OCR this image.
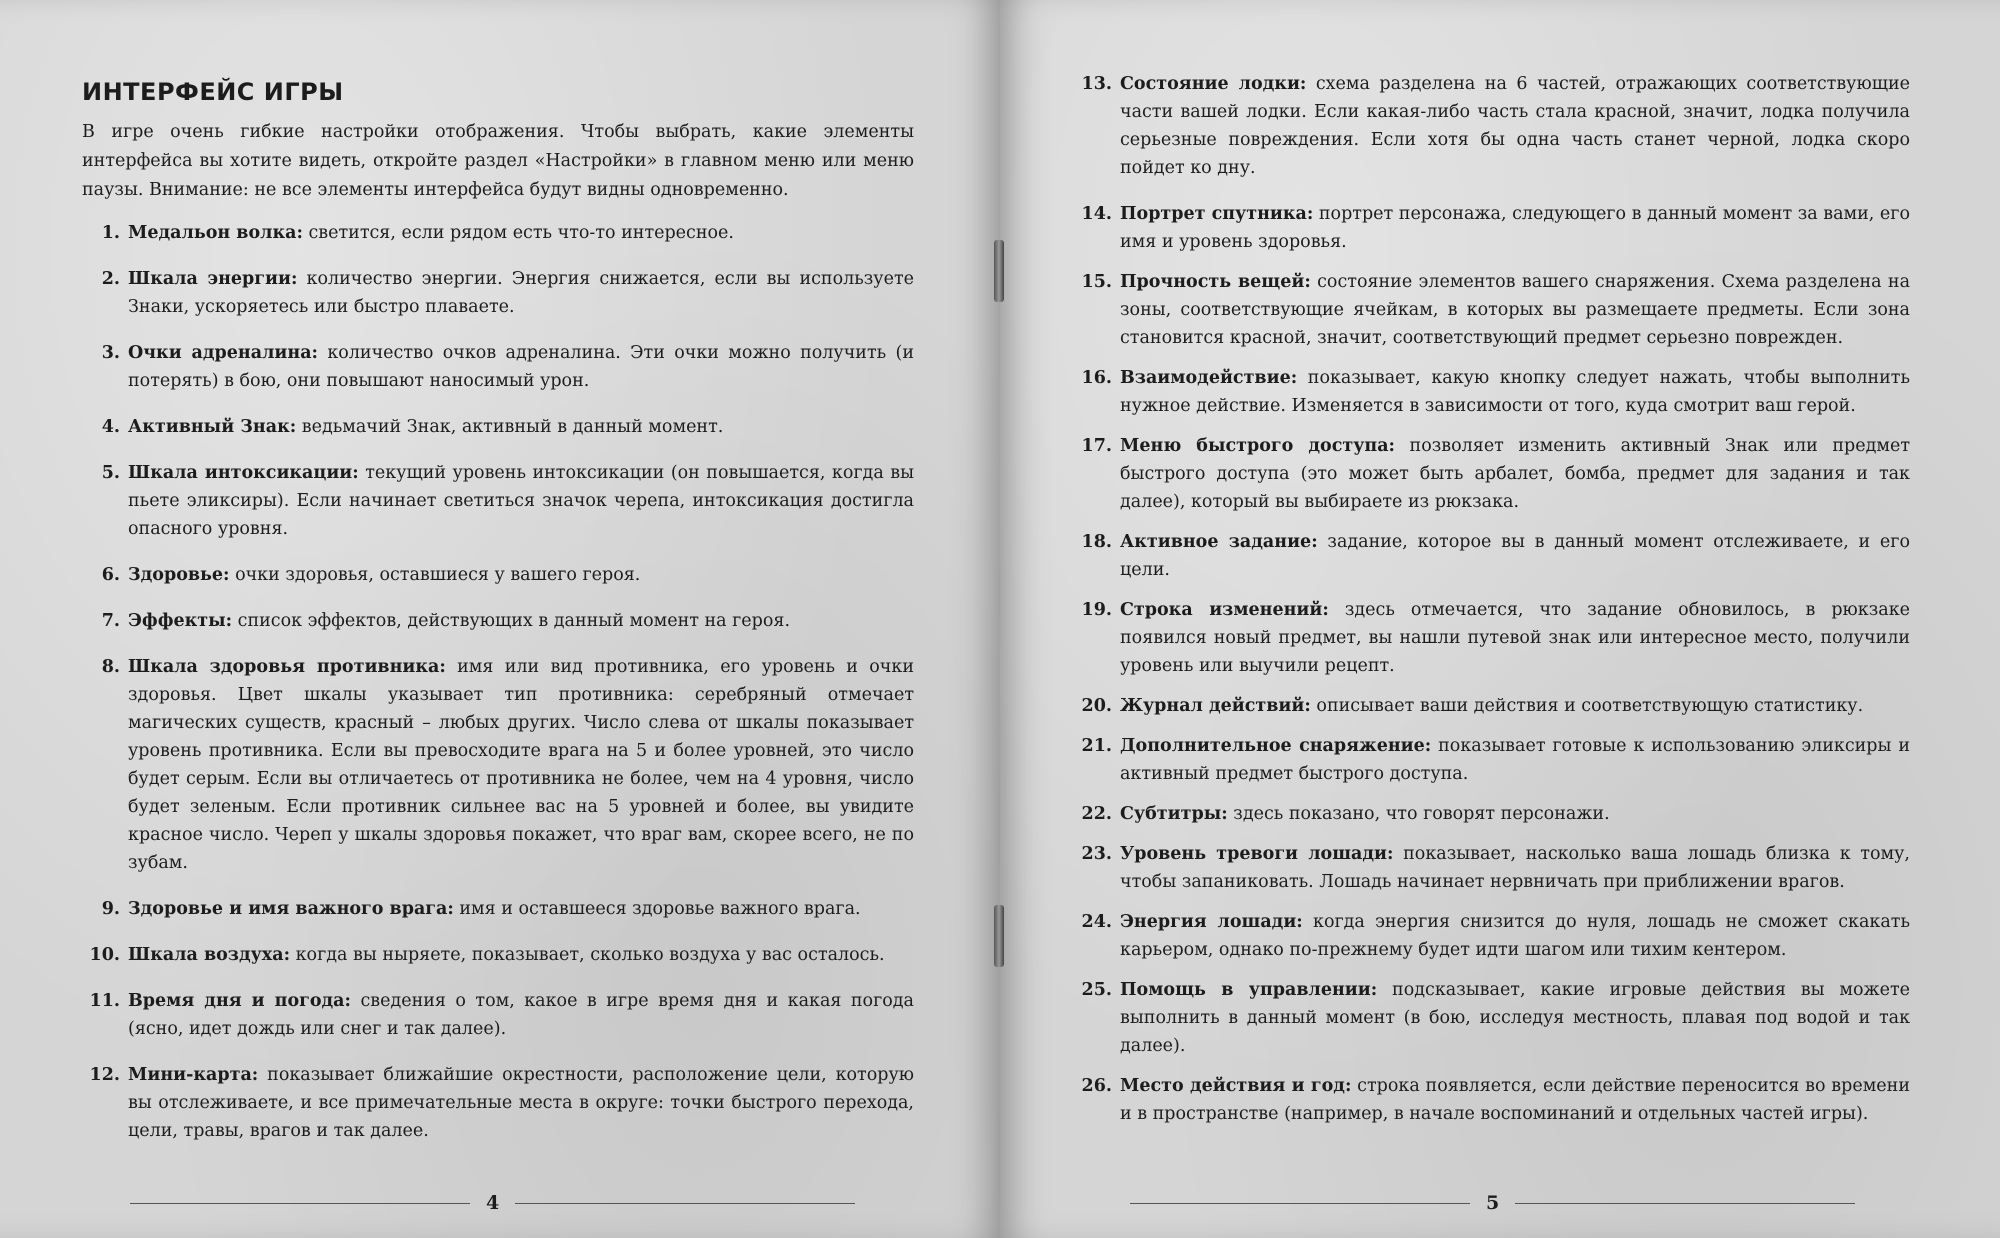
ИНТЕРФЕЙС ИГРЫ

В игре очень гибкие настройки отображения. Чтобы выбрать, какие элементы интерфейса вы хотите видеть, откройте раздел «Настройки» в главном меню или меню паузы. Внимание: не все элементы интерфейса будут видны одновременно.

1. Медальон волка: светится, если рядом есть что-то интересное.
2. Шкала энергии: количество энергии. Энергия снижается, если вы используете Знаки, ускоряетесь или быстро плаваете.
3. Очки адреналина: количество очков адреналина. Эти очки можно получить (и потерять) в бою, они повышают наносимый урон.
4. Активный Знак: ведьмачий Знак, активный в данный момент.
5. Шкала интоксикации: текущий уровень интоксикации (он повышается, когда вы пьете эликсиры). Если начинает светиться значок черепа, интоксикация достигла опасного уровня.
6. Здоровье: очки здоровья, оставшиеся у вашего героя.
7. Эффекты: список эффектов, действующих в данный момент на героя.
8. Шкала здоровья противника: имя или вид противника, его уровень и очки здоровья. Цвет шкалы указывает тип противника: серебряный отмечает магических существ, красный – любых других. Число слева от шкалы показывает уровень противника. Если вы превосходите врага на 5 и более уровней, это число будет серым. Если вы отличаетесь от противника не более, чем на 4 уровня, число будет зеленым. Если противник сильнее вас на 5 уровней и более, вы увидите красное число. Череп у шкалы здоровья покажет, что враг вам, скорее всего, не по зубам.
9. Здоровье и имя важного врага: имя и оставшееся здоровье важного врага.
10. Шкала воздуха: когда вы ныряете, показывает, сколько воздуха у вас осталось.
11. Время дня и погода: сведения о том, какое в игре время дня и какая погода (ясно, идет дождь или снег и так далее).
12. Мини-карта: показывает ближайшие окрестности, расположение цели, которую вы отслеживаете, и все примечательные места в округе: точки быстрого перехода, цели, травы, врагов и так далее.
4
13. Состояние лодки: схема разделена на 6 частей, отражающих соответствующие части вашей лодки. Если какая-либо часть стала красной, значит, лодка получила серьезные повреждения. Если хотя бы одна часть станет черной, лодка скоро пойдет ко дну.
14. Портрет спутника: портрет персонажа, следующего в данный момент за вами, его имя и уровень здоровья.
15. Прочность вещей: состояние элементов вашего снаряжения. Схема разделена на зоны, соответствующие ячейкам, в которых вы размещаете предметы. Если зона становится красной, значит, соответствующий предмет серьезно поврежден.
16. Взаимодействие: показывает, какую кнопку следует нажать, чтобы выполнить нужное действие. Изменяется в зависимости от того, куда смотрит ваш герой.
17. Меню быстрого доступа: позволяет изменить активный Знак или предмет быстрого доступа (это может быть арбалет, бомба, предмет для задания и так далее), который вы выбираете из рюкзака.
18. Активное задание: задание, которое вы в данный момент отслеживаете, и его цели.
19. Строка изменений: здесь отмечается, что задание обновилось, в рюкзаке появился новый предмет, вы нашли путевой знак или интересное место, получили уровень или выучили рецепт.
20. Журнал действий: описывает ваши действия и соответствующую статистику.
21. Дополнительное снаряжение: показывает готовые к использованию эликсиры и активный предмет быстрого доступа.
22. Субтитры: здесь показано, что говорят персонажи.
23. Уровень тревоги лошади: показывает, насколько ваша лошадь близка к тому, чтобы запаниковать. Лошадь начинает нервничать при приближении врагов.
24. Энергия лошади: когда энергия снизится до нуля, лошадь не сможет скакать карьером, однако по-прежнему будет идти шагом или тихим кентером.
25. Помощь в управлении: подсказывает, какие игровые действия вы можете выполнить в данный момент (в бою, исследуя местность, плавая под водой и так далее).
26. Место действия и год: строка появляется, если действие переносится во времени и в пространстве (например, в начале воспоминаний и отдельных частей игры).
5
